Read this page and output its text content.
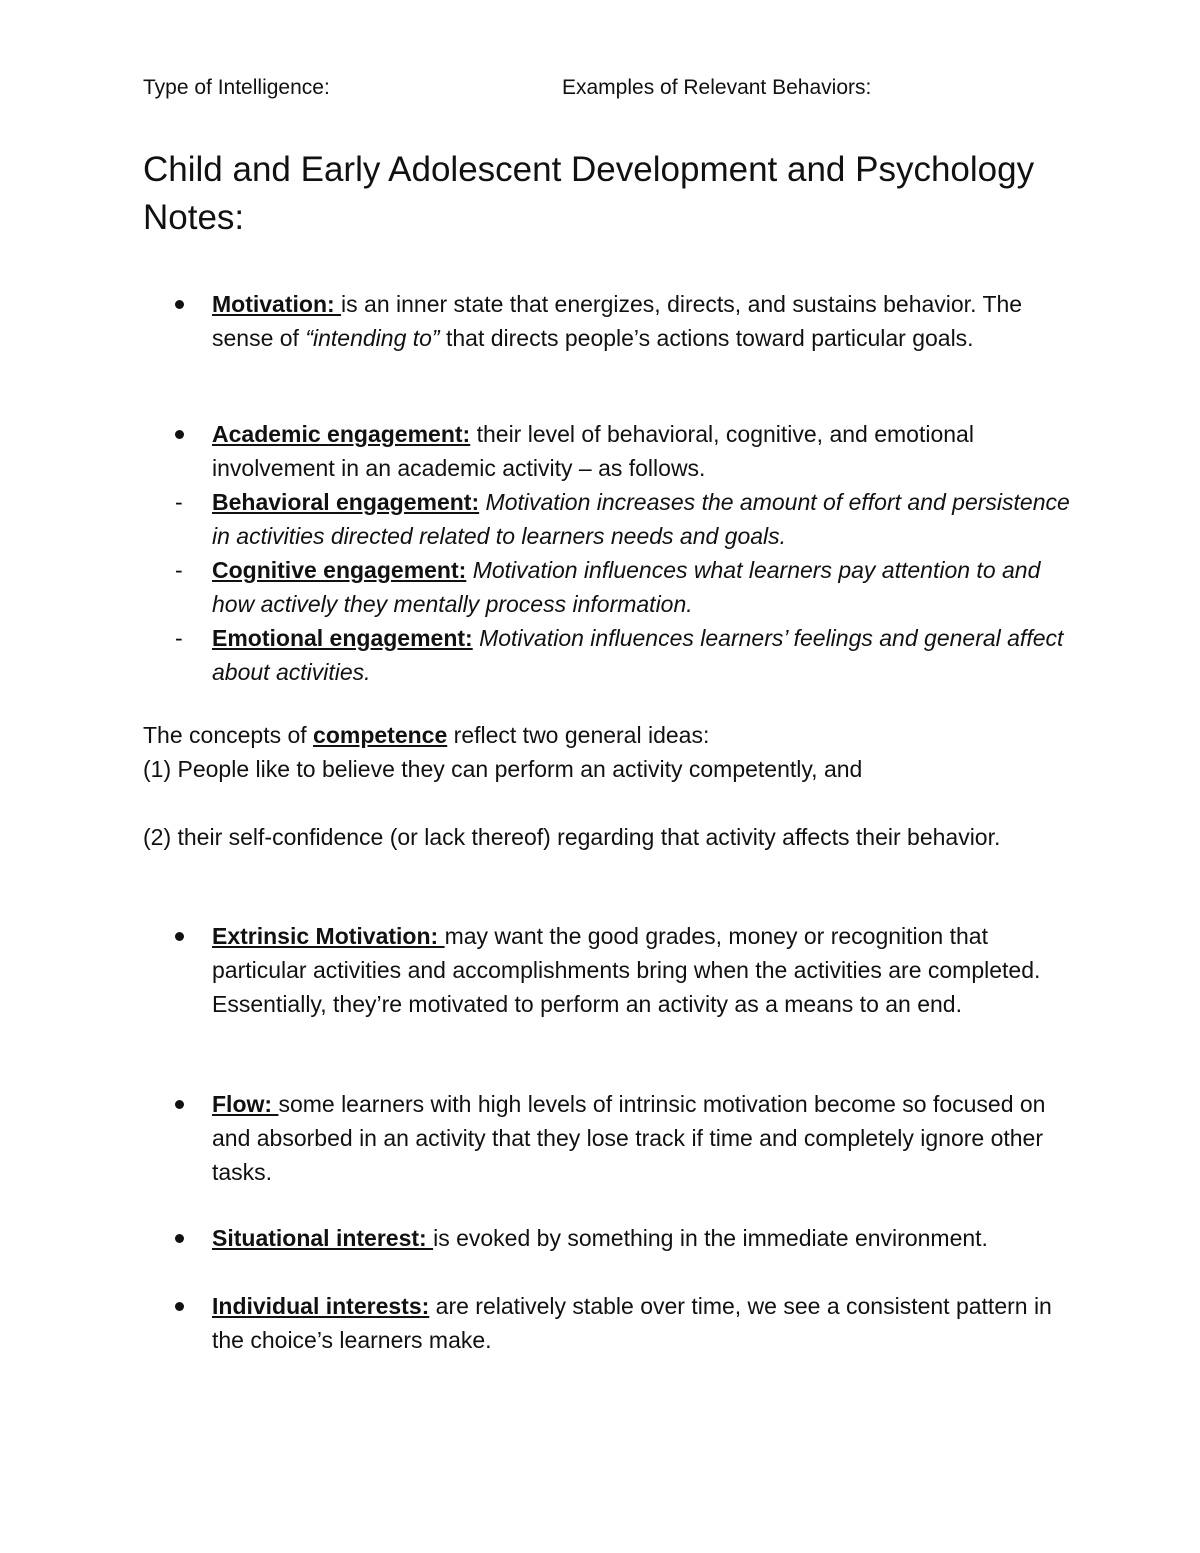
Type of Intelligence:	Examples of Relevant Behaviors:
Child and Early Adolescent Development and Psychology Notes:
Motivation: is an inner state that energizes, directs, and sustains behavior. The sense of “intending to” that directs people’s actions toward particular goals.
Academic engagement: their level of behavioral, cognitive, and emotional involvement in an academic activity – as follows.
-	Behavioral engagement: Motivation increases the amount of effort and persistence in activities directed related to learners needs and goals.
-	Cognitive engagement: Motivation influences what learners pay attention to and how actively they mentally process information.
-	Emotional engagement: Motivation influences learners’ feelings and general affect about activities.

The concepts of competence reflect two general ideas:

(1) People like to believe they can perform an activity competently, and

(2) their self-confidence (or lack thereof) regarding that activity affects their behavior.

Extrinsic Motivation: may want the good grades, money or recognition that particular activities and accomplishments bring when the activities are completed. Essentially, they’re motivated to perform an activity as a means to an end.
Flow: some learners with high levels of intrinsic motivation become so focused on and absorbed in an activity that they lose track if time and completely ignore other tasks.
Situational interest: is evoked by something in the immediate environment.
Individual interests: are relatively stable over time, we see a consistent pattern in the choice’s learners make.
